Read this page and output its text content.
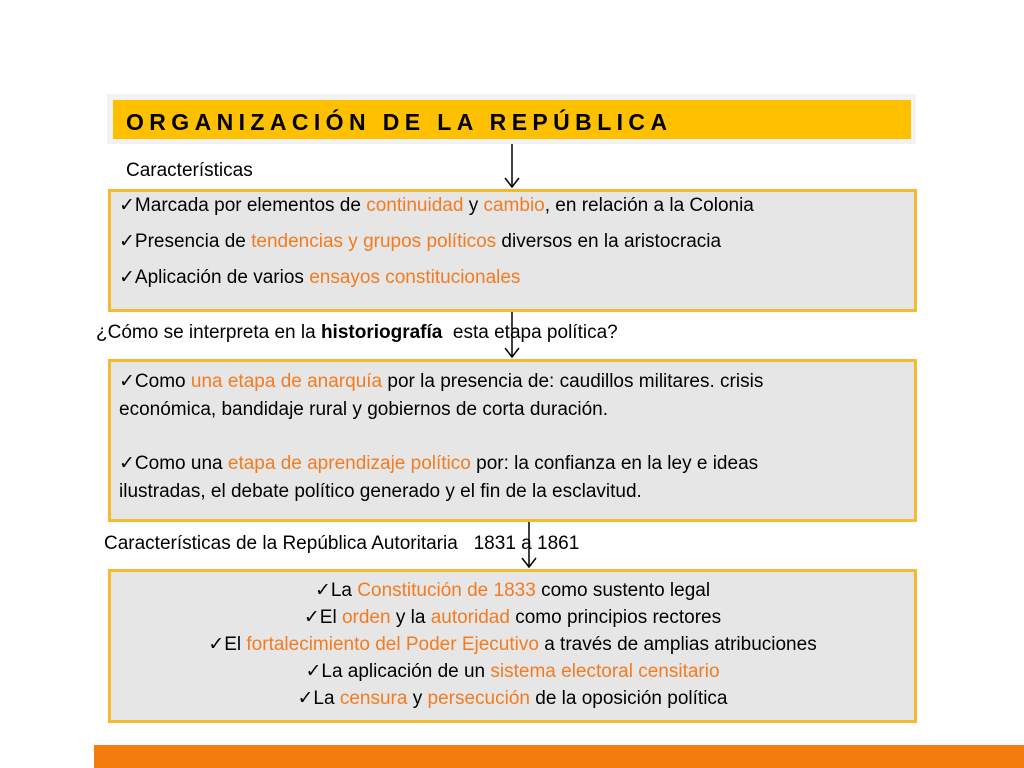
ORGANIZACIÓN DE LA REPÚBLICA
Características
✓Marcada por elementos de continuidad y cambio, en relación a la Colonia
✓Presencia de tendencias y grupos políticos diversos en la aristocracia
✓Aplicación de varios ensayos constitucionales
¿Cómo se interpreta en la historiografía  esta etapa política?
✓Como una etapa de anarquía por la presencia de: caudillos militares. crisis
económica, bandidaje rural y gobiernos de corta duración.
✓Como una etapa de aprendizaje político por: la confianza en la ley e ideas
ilustradas, el debate político generado y el fin de la esclavitud.
Características de la República Autoritaria   1831 a 1861
✓La Constitución de 1833 como sustento legal
✓El orden y la autoridad como principios rectores
✓El fortalecimiento del Poder Ejecutivo a través de amplias atribuciones
✓La aplicación de un sistema electoral censitario
✓La censura y persecución de la oposición política
